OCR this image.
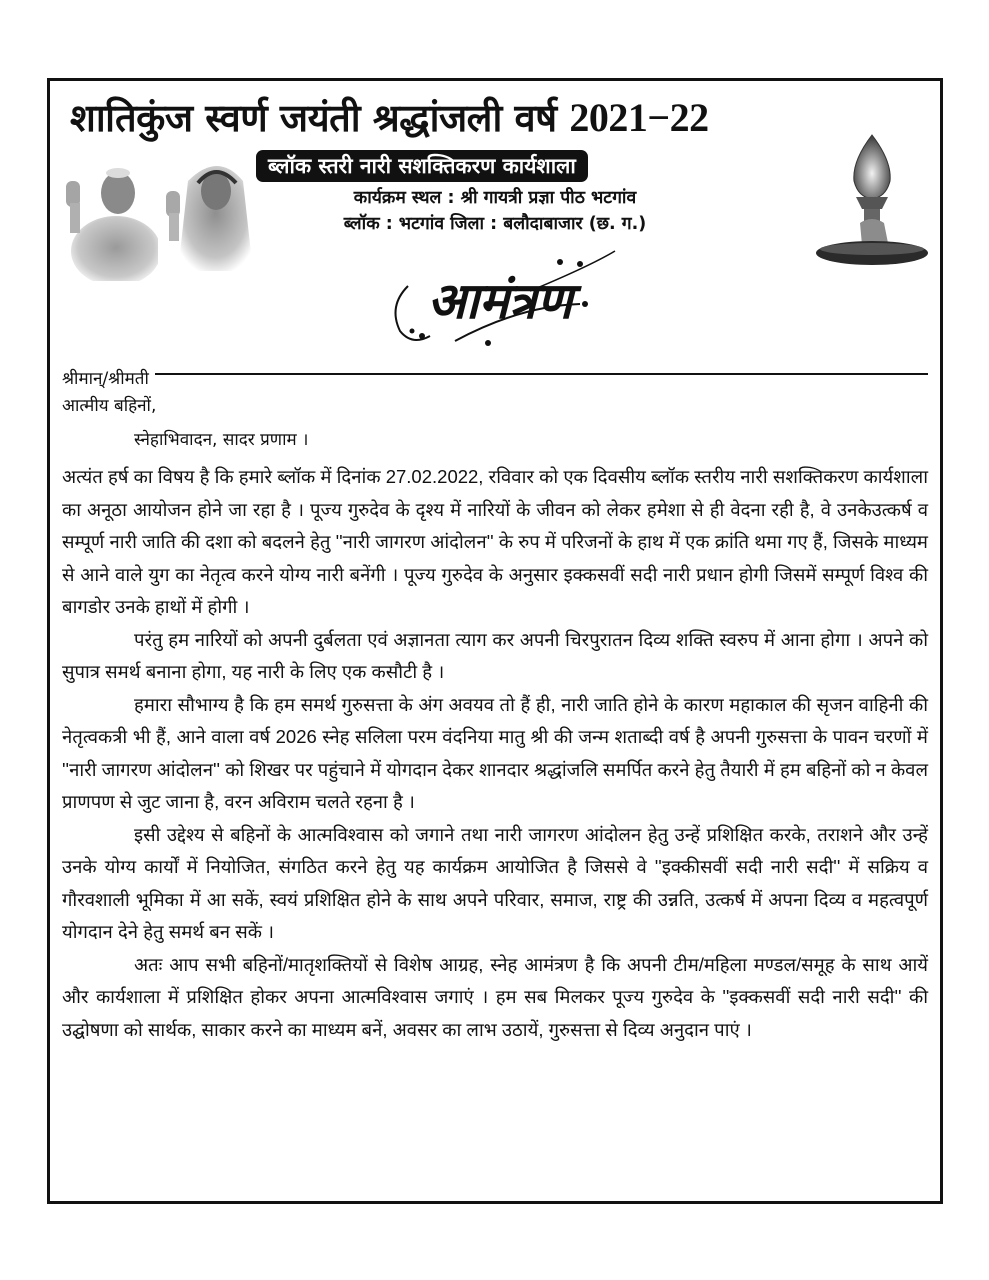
शातिकुंज स्वर्ण जयंती श्रद्धांजली वर्ष 2021−22
ब्लॉक स्तरी नारी सशक्तिकरण कार्यशाला
कार्यक्रम स्थल : श्री गायत्री प्रज्ञा पीठ भटगांव
ब्लॉक : भटगांव जिला : बलौदाबाजार (छ. ग.)
आमंत्रण
श्रीमान्/श्रीमती
आत्मीय बहिनों,
स्नेहाभिवादन, सादर प्रणाम ।

अत्यंत हर्ष का विषय है कि हमारे ब्लॉक में दिनांक 27.02.2022, रविवार को एक दिवसीय ब्लॉक स्तरीय नारी सशक्तिकरण कार्यशाला का अनूठा आयोजन होने जा रहा है । पूज्य गुरुदेव के दृश्य में नारियों के जीवन को लेकर हमेशा से ही वेदना रही है, वे उनकेउत्कर्ष व सम्पूर्ण नारी जाति की दशा को बदलने हेतु ''नारी जागरण आंदोलन'' के रुप में परिजनों के हाथ में एक क्रांति थमा गए हैं, जिसके माध्यम से आने वाले युग का नेतृत्व करने योग्य नारी बनेंगी । पूज्य गुरुदेव के अनुसार इक्कसवीं सदी नारी प्रधान होगी जिसमें सम्पूर्ण विश्व की बागडोर उनके हाथों में होगी ।

परंतु हम नारियों को अपनी दुर्बलता एवं अज्ञानता त्याग कर अपनी चिरपुरातन दिव्य शक्ति स्वरुप में आना होगा । अपने को सुपात्र समर्थ बनाना होगा, यह नारी के लिए एक कसौटी है ।

हमारा सौभाग्य है कि हम समर्थ गुरुसत्ता के अंग अवयव तो हैं ही, नारी जाति होने के कारण महाकाल की सृजन वाहिनी की नेतृत्वकत्री भी हैं, आने वाला वर्ष 2026 स्नेह सलिला परम वंदनिया मातु श्री की जन्म शताब्दी वर्ष है अपनी गुरुसत्ता के पावन चरणों में ''नारी जागरण आंदोलन'' को शिखर पर पहुंचाने में योगदान देकर शानदार श्रद्धांजलि समर्पित करने हेतु तैयारी में हम बहिनों को न केवल प्राणपण से जुट जाना है, वरन अविराम चलते रहना है ।

इसी उद्देश्य से बहिनों के आत्मविश्वास को जगाने तथा नारी जागरण आंदोलन हेतु उन्हें प्रशिक्षित करके, तराशने और उन्हें उनके योग्य कार्यों में नियोजित, संगठित करने हेतु यह कार्यक्रम आयोजित है जिससे वे ''इक्कीसवीं सदी नारी सदी'' में सक्रिय व गौरवशाली भूमिका में आ सकें, स्वयं प्रशिक्षित होने के साथ अपने परिवार, समाज, राष्ट्र की उन्नति, उत्कर्ष में अपना दिव्य व महत्वपूर्ण योगदान देने हेतु समर्थ बन सकें ।

अतः आप सभी बहिनों/मातृशक्तियों से विशेष आग्रह, स्नेह आमंत्रण है कि अपनी टीम/महिला मण्डल/समूह के साथ आयें और कार्यशाला में प्रशिक्षित होकर अपना आत्मविश्वास जगाएं । हम सब मिलकर पूज्य गुरुदेव के ''इक्कसवीं सदी नारी सदी'' की उद्घोषणा को सार्थक, साकार करने का माध्यम बनें, अवसर का लाभ उठायें, गुरुसत्ता से दिव्य अनुदान पाएं ।
